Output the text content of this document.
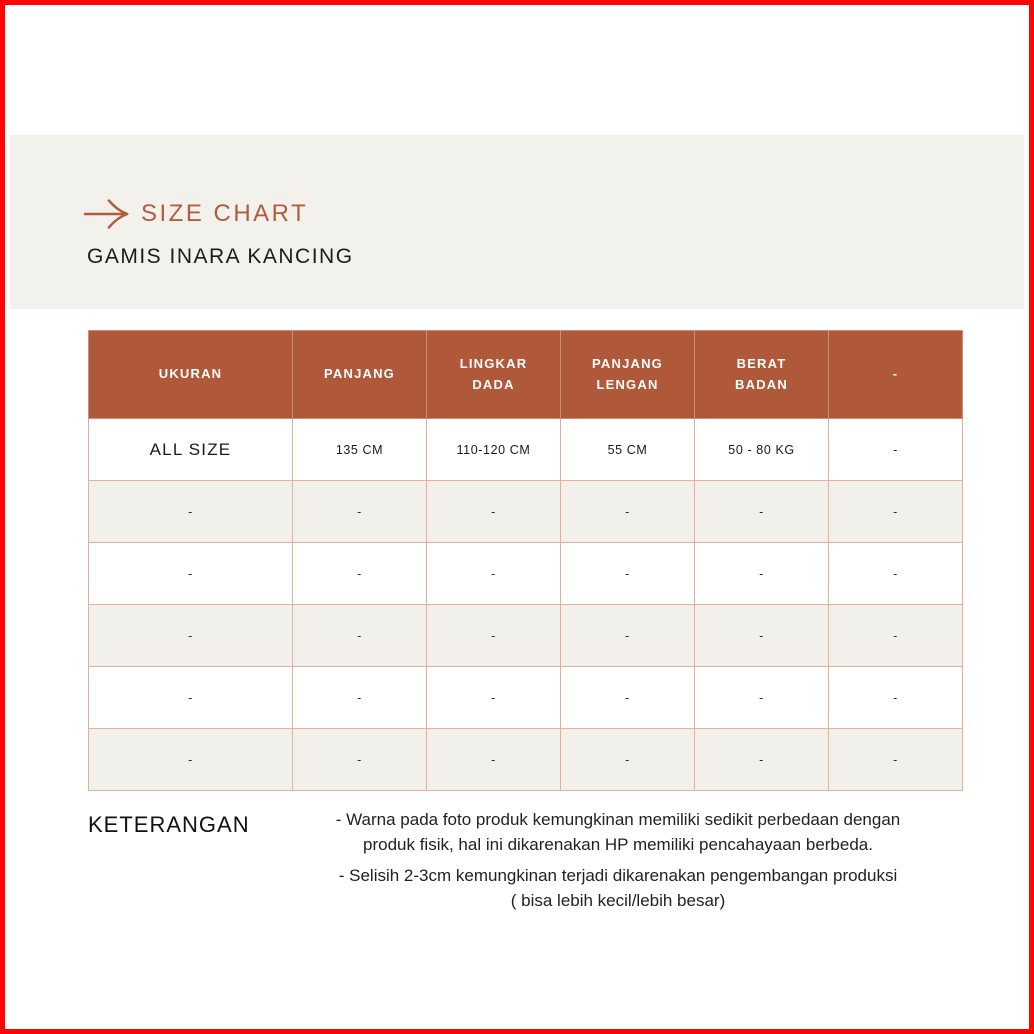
SIZE CHART
GAMIS INARA KANCING
UKURAN	PANJANG	LINGKAR DADA	PANJANG LENGAN	BERAT BADAN	-
ALL SIZE	135 CM	110-120 CM	55 CM	50 - 80 KG	-
-	-	-	-	-	-
-	-	-	-	-	-
-	-	-	-	-	-
-	-	-	-	-	-
-	-	-	-	-	-
KETERANGAN	- Warna pada foto produk kemungkinan memiliki sedikit perbedaan dengan
produk fisik, hal ini dikarenakan HP memiliki pencahayaan berbeda.
- Selisih 2-3cm kemungkinan terjadi dikarenakan pengembangan produksi
( bisa lebih kecil/lebih besar)
